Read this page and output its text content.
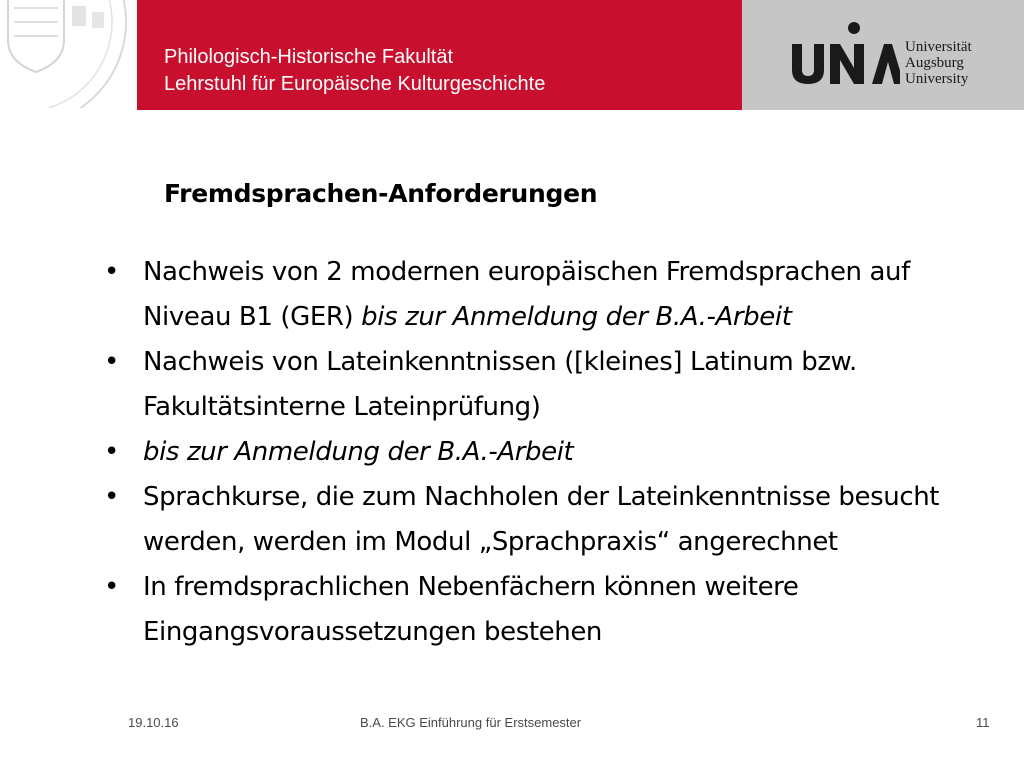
Philologisch-Historische Fakultät
Lehrstuhl für Europäische Kulturgeschichte
Universität
Augsburg
University
Fremdsprachen-Anforderungen
• Nachweis von 2 modernen europäischen Fremdsprachen auf Niveau B1 (GER) bis zur Anmeldung der B.A.-Arbeit
• Nachweis von Lateinkenntnissen ([kleines] Latinum bzw. Fakultätsinterne Lateinprüfung)
• bis zur Anmeldung der B.A.-Arbeit
• Sprachkurse, die zum Nachholen der Lateinkenntnisse besucht werden, werden im Modul „Sprachpraxis“ angerechnet
• In fremdsprachlichen Nebenfächern können weitere Eingangsvoraussetzungen bestehen
19.10.16	B.A. EKG Einführung für Erstsemester	11
